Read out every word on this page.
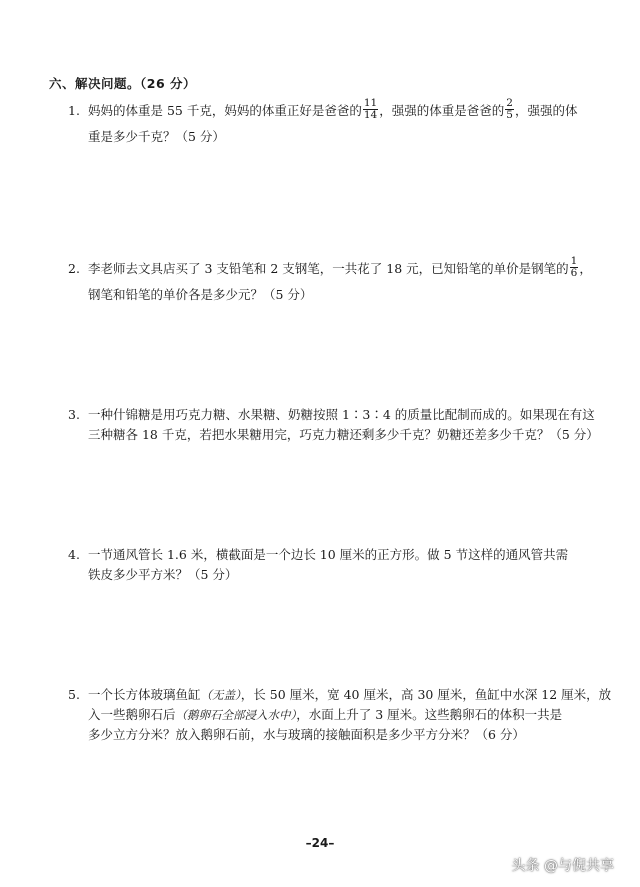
六、解决问题。（26 分）
1. 妈妈的体重是 55 千克，妈妈的体重正好是爸爸的 $\frac{11}{14}$ ，强强的体重是爸爸的 $\frac{2}{5}$ ，强强的体
重是多少千克？（5 分）
2. 李老师去文具店买了 3 支铅笔和 2 支钢笔，一共花了 18 元，已知铅笔的单价是钢笔的 $\frac{1}{6}$ ，
钢笔和铅笔的单价各是多少元？（5 分）
3. 一种什锦糖是用巧克力糖、水果糖、奶糖按照 1∶3∶4 的质量比配制而成的。如果现在有这
三种糖各 18 千克，若把水果糖用完，巧克力糖还剩多少千克？奶糖还差多少千克？（5 分）
4. 一节通风管长 1.6 米，横截面是一个边长 10 厘米的正方形。做 5 节这样的通风管共需
铁皮多少平方米？（5 分）
5. 一个长方体玻璃鱼缸（无盖），长 50 厘米，宽 40 厘米，高 30 厘米，鱼缸中水深 12 厘米，放
入一些鹅卵石后（鹅卵石全部浸入水中），水面上升了 3 厘米。这些鹅卵石的体积一共是
多少立方分米？放入鹅卵石前，水与玻璃的接触面积是多少平方分米？（6 分）
–24–
头条 @与倪共享
